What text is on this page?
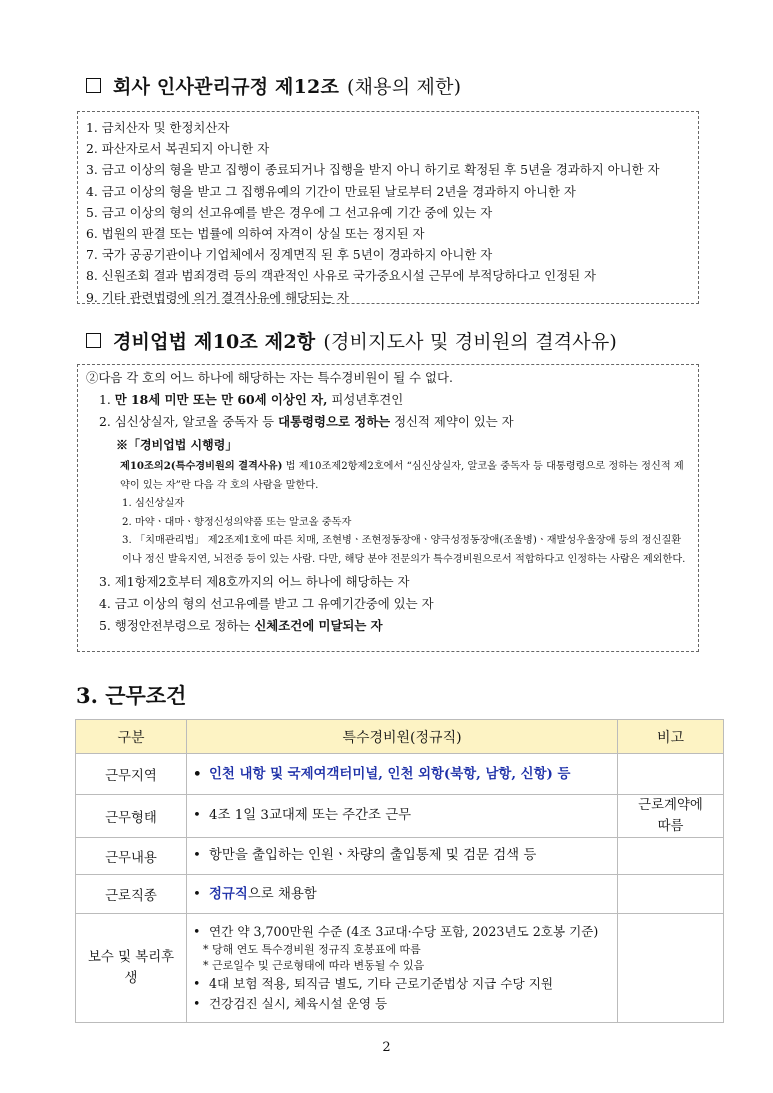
회사 인사관리규정 제12조 (채용의 제한)
1. 금치산자 및 한정치산자
2. 파산자로서 복권되지 아니한 자
3. 금고 이상의 형을 받고 집행이 종료되거나 집행을 받지 아니 하기로 확정된 후 5년을 경과하지 아니한 자
4. 금고 이상의 형을 받고 그 집행유예의 기간이 만료된 날로부터 2년을 경과하지 아니한 자
5. 금고 이상의 형의 선고유예를 받은 경우에 그 선고유예 기간 중에 있는 자
6. 법원의 판결 또는 법률에 의하여 자격이 상실 또는 정지된 자
7. 국가 공공기관이나 기업체에서 징계면직 된 후 5년이 경과하지 아니한 자
8. 신원조회 결과 범죄경력 등의 객관적인 사유로 국가중요시설 근무에 부적당하다고 인정된 자
9. 기타 관련법령에 의거 결격사유에 해당되는 자
경비업법 제10조 제2항 (경비지도사 및 경비원의 결격사유)
②다음 각 호의 어느 하나에 해당하는 자는 특수경비원이 될 수 없다.
1. 만 18세 미만 또는 만 60세 이상인 자, 피성년후견인
2. 심신상실자, 알코올 중독자 등 대통령령으로 정하는 정신적 제약이 있는 자
※「경비업법 시행령」
제10조의2(특수경비원의 결격사유) 법 제10조제2항제2호에서 “심신상실자, 알코올 중독자 등 대통령령으로 정하는 정신적 제약이 있는 자”란 다음 각 호의 사람을 말한다.
1. 심신상실자
2. 마약ㆍ대마ㆍ향정신성의약품 또는 알코올 중독자
3. 「치매관리법」 제2조제1호에 따른 치매, 조현병ㆍ조현정동장애ㆍ양극성정동장애(조울병)ㆍ재발성우울장애 등의 정신질환이나 정신 발육지연, 뇌전증 등이 있는 사람. 다만, 해당 분야 전문의가 특수경비원으로서 적합하다고 인정하는 사람은 제외한다.
3. 제1항제2호부터 제8호까지의 어느 하나에 해당하는 자
4. 금고 이상의 형의 선고유예를 받고 그 유예기간중에 있는 자
5. 행정안전부령으로 정하는 신체조건에 미달되는 자
3. 근무조건
구분	특수경비원(정규직)	비고
근무지역	• 인천 내항 및 국제여객터미널, 인천 외항(북항, 남항, 신항) 등	

근무형태	• 4조 1일 3교대제 또는 주간조 근무	근로계약에 따름
근무내용	• 항만을 출입하는 인원ㆍ차량의 출입통제 및 검문 검색 등	

근로직종	• 정규직으로 채용함	

보수 및 복리후생	• 연간 약 3,700만원 수준 (4조 3교대·수당 포함, 2023년도 2호봉 기준)
* 당해 연도 특수경비원 정규직 호봉표에 따름
* 근로일수 및 근로형태에 따라 변동될 수 있음
• 4대 보험 적용, 퇴직금 별도, 기타 근로기준법상 지급 수당 지원
• 건강검진 실시, 체육시설 운영 등	

2
